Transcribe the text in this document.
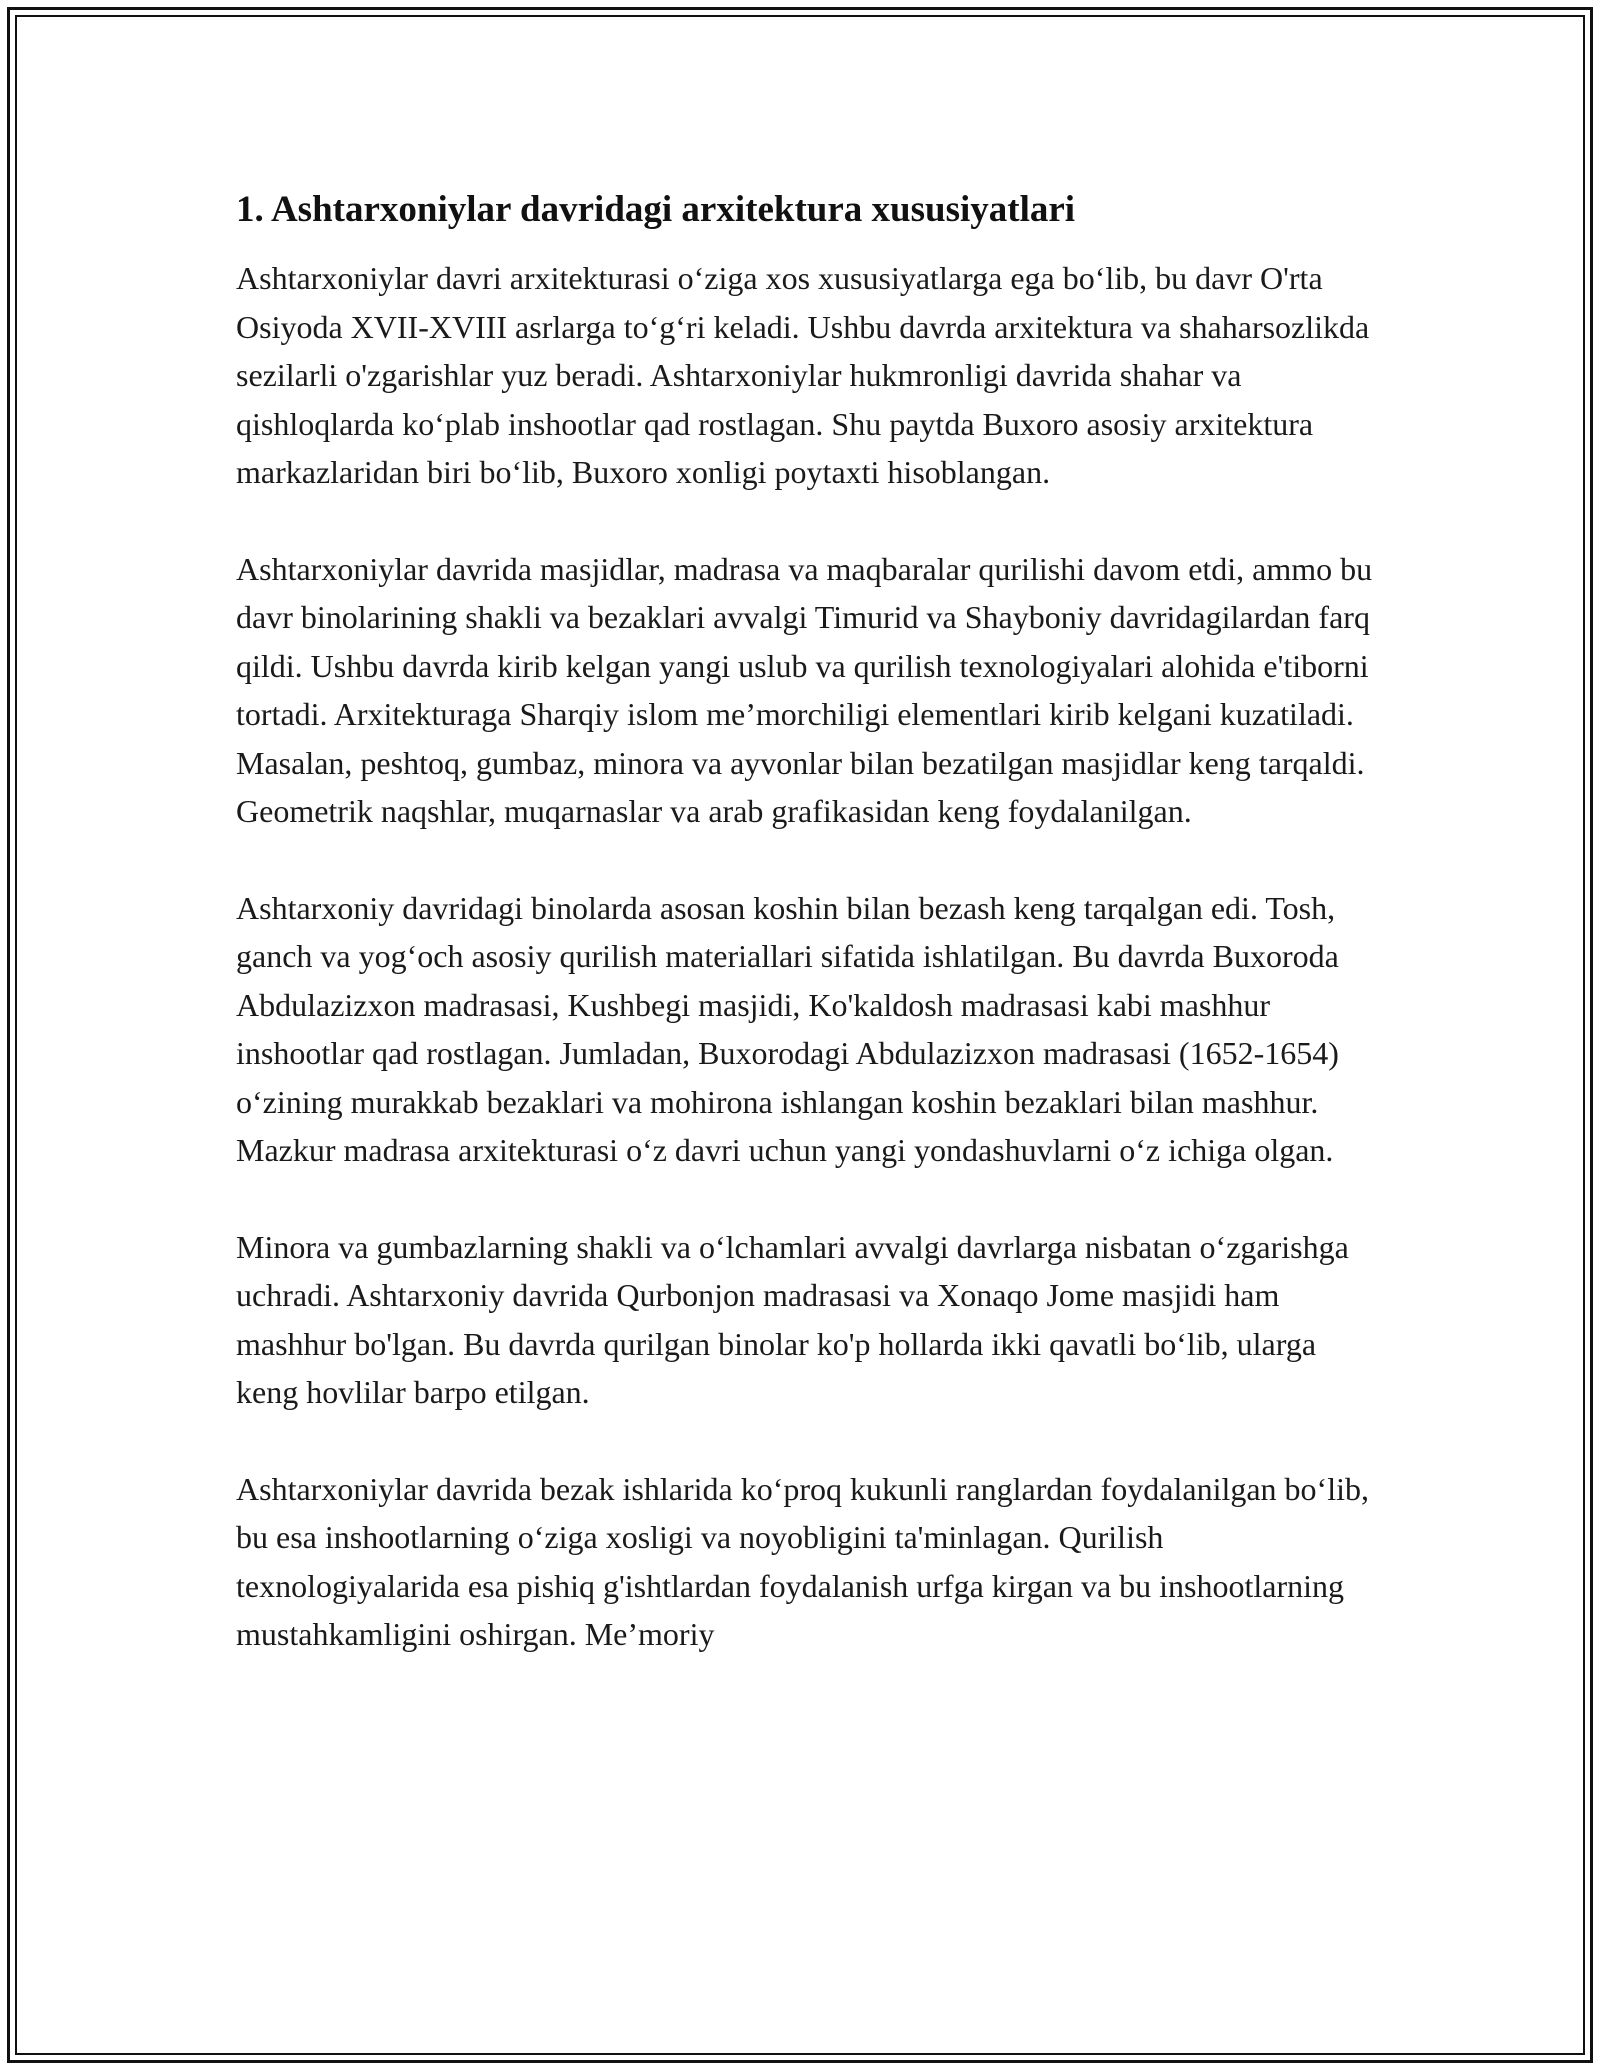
1. Ashtarxoniylar davridagi arxitektura xususiyatlari

Ashtarxoniylar davri arxitekturasi o‘ziga xos xususiyatlarga ega bo‘lib, bu davr O'rta Osiyoda XVII-XVIII asrlarga to‘g‘ri keladi. Ushbu davrda arxitektura va shaharsozlikda sezilarli o'zgarishlar yuz beradi. Ashtarxoniylar hukmronligi davrida shahar va qishloqlarda ko‘plab inshootlar qad rostlagan. Shu paytda Buxoro asosiy arxitektura markazlaridan biri bo‘lib, Buxoro xonligi poytaxti hisoblangan.

Ashtarxoniylar davrida masjidlar, madrasa va maqbaralar qurilishi davom etdi, ammo bu davr binolarining shakli va bezaklari avvalgi Timurid va Shayboniy davridagilardan farq qildi. Ushbu davrda kirib kelgan yangi uslub va qurilish texnologiyalari alohida e'tiborni tortadi. Arxitekturaga Sharqiy islom me’morchiligi elementlari kirib kelgani kuzatiladi. Masalan, peshtoq, gumbaz, minora va ayvonlar bilan bezatilgan masjidlar keng tarqaldi. Geometrik naqshlar, muqarnaslar va arab grafikasidan keng foydalanilgan.

Ashtarxoniy davridagi binolarda asosan koshin bilan bezash keng tarqalgan edi. Tosh, ganch va yog‘och asosiy qurilish materiallari sifatida ishlatilgan. Bu davrda Buxoroda Abdulazizxon madrasasi, Kushbegi masjidi, Ko'kaldosh madrasasi kabi mashhur inshootlar qad rostlagan. Jumladan, Buxorodagi Abdulazizxon madrasasi (1652-1654) o‘zining murakkab bezaklari va mohirona ishlangan koshin bezaklari bilan mashhur. Mazkur madrasa arxitekturasi o‘z davri uchun yangi yondashuvlarni o‘z ichiga olgan.

Minora va gumbazlarning shakli va o‘lchamlari avvalgi davrlarga nisbatan o‘zgarishga uchradi. Ashtarxoniy davrida Qurbonjon madrasasi va Xonaqo Jome masjidi ham mashhur bo'lgan. Bu davrda qurilgan binolar ko'p hollarda ikki qavatli bo‘lib, ularga keng hovlilar barpo etilgan.

Ashtarxoniylar davrida bezak ishlarida ko‘proq kukunli ranglardan foydalanilgan bo‘lib, bu esa inshootlarning o‘ziga xosligi va noyobligini ta'minlagan. Qurilish texnologiyalarida esa pishiq g'ishtlardan foydalanish urfga kirgan va bu inshootlarning mustahkamligini oshirgan. Me’moriy
